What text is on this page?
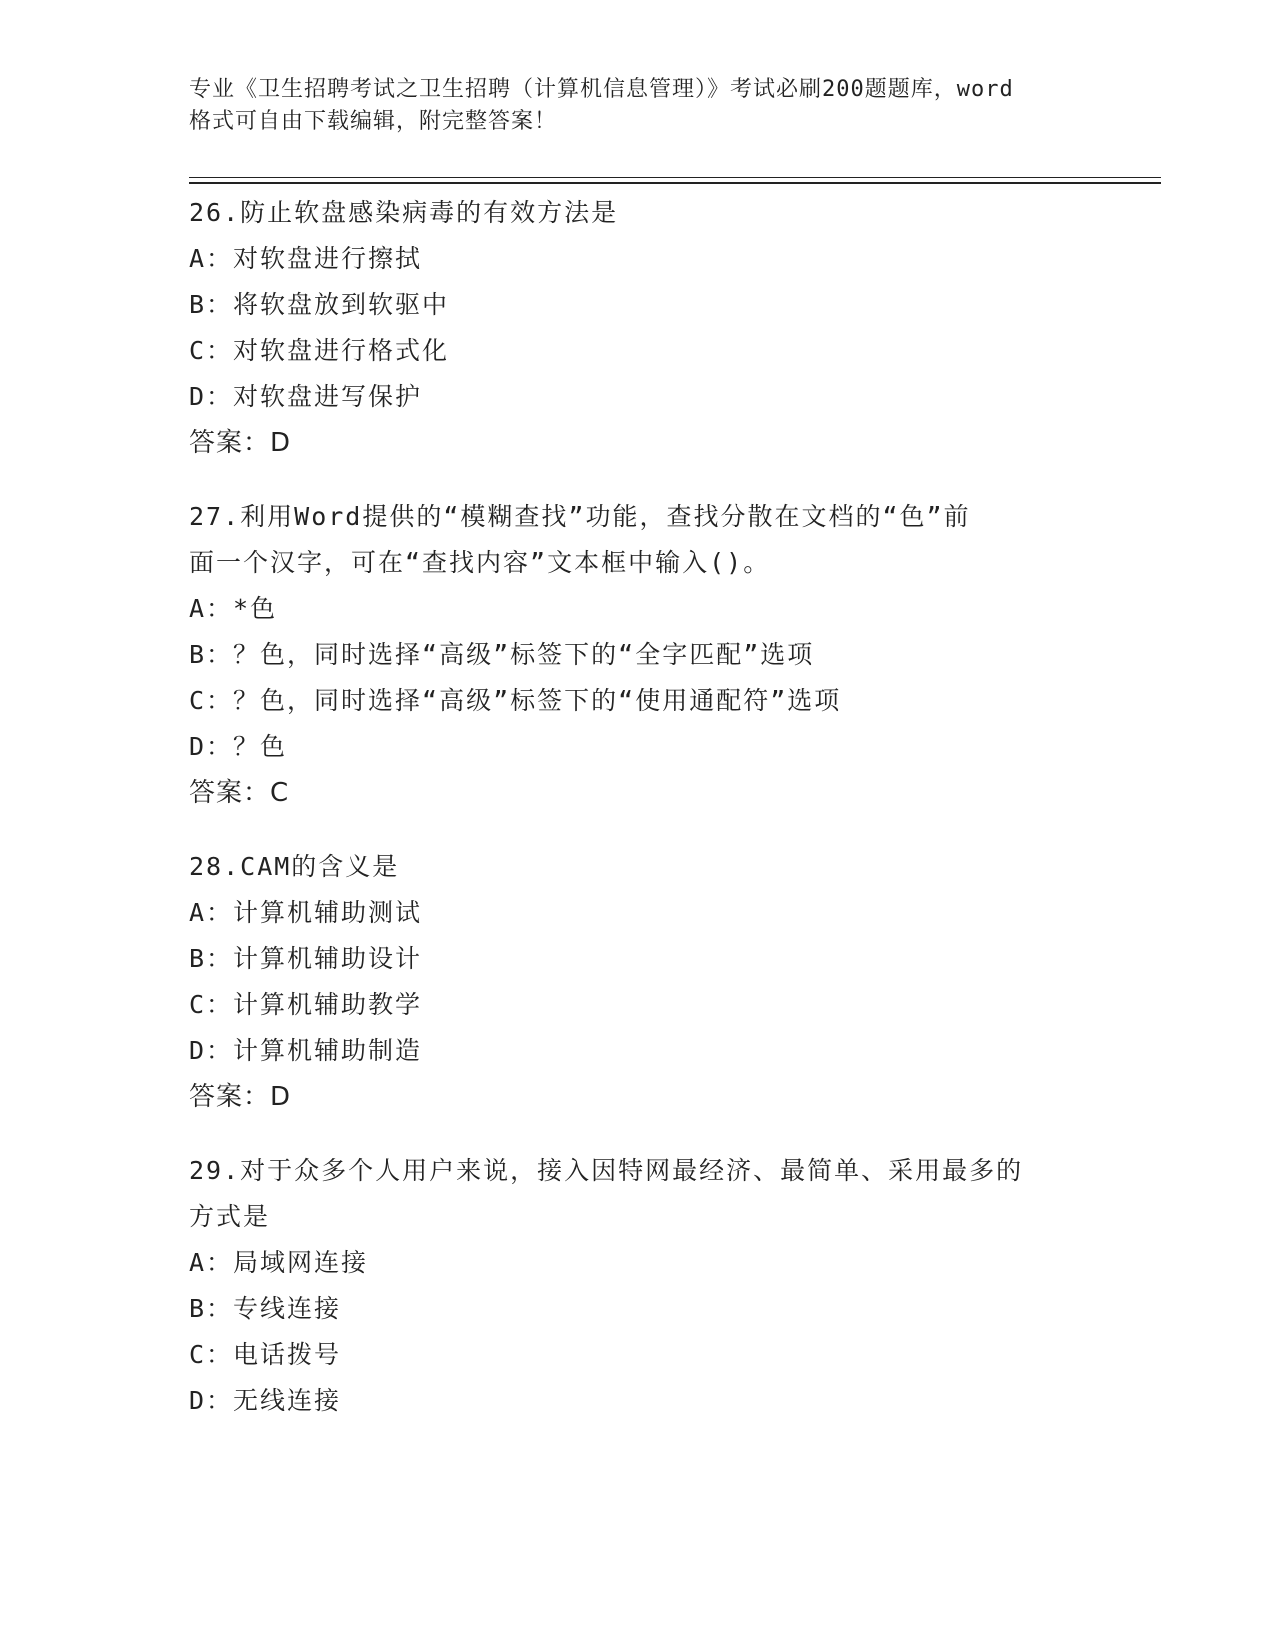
专业《卫生招聘考试之卫生招聘（计算机信息管理）》考试必刷200题题库，word
格式可自由下载编辑，附完整答案！
26.防止软盘感染病毒的有效方法是
A：对软盘进行擦拭
B：将软盘放到软驱中
C：对软盘进行格式化
D：对软盘进写保护
答案：D
27.利用Word提供的“模糊查找”功能，查找分散在文档的“色”前
面一个汉字，可在“查找内容”文本框中输入()。
A：*色
B：？色，同时选择“高级”标签下的“全字匹配”选项
C：？色，同时选择“高级”标签下的“使用通配符”选项
D：？色
答案：C
28.CAM的含义是
A：计算机辅助测试
B：计算机辅助设计
C：计算机辅助教学
D：计算机辅助制造
答案：D
29.对于众多个人用户来说，接入因特网最经济、最简单、采用最多的
方式是
A：局域网连接
B：专线连接
C：电话拨号
D：无线连接
